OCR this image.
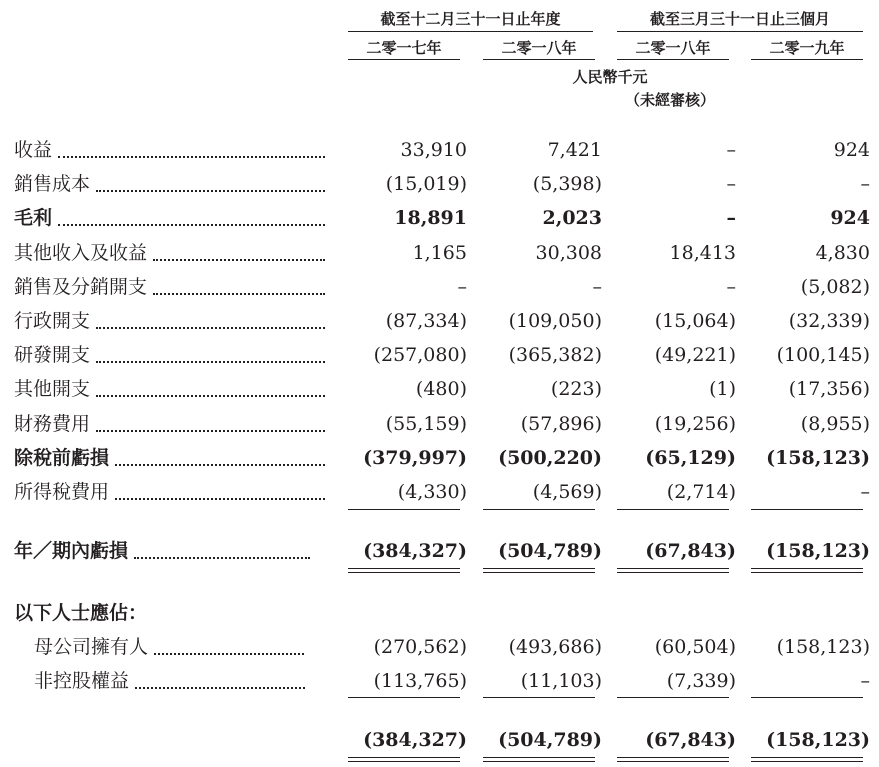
截至十二月三十一日止年度	截至三月三十一日止三個月
二零一七年	二零一八年	二零一八年	二零一九年
人民幣千元
（未經審核）
收益	33,910	7,421	–	924
銷售成本	(15,019)	(5,398)	–	–
毛利	18,891	2,023	–	924
其他收入及收益	1,165	30,308	18,413	4,830
銷售及分銷開支	–	–	–	(5,082)
行政開支	(87,334) (109,050)	(15,064)	(32,339)
研發開支	(257,080) (365,382)	(49,221) (100,145)
其他開支	(480)	(223)	(1)	(17,356)
財務費用	(55,159)	(57,896)	(19,256)	(8,955)
除稅前虧損	(379,997) (500,220) (65,129) (158,123)
所得稅費用	(4,330)	(4,569)	(2,714)	–
年／期內虧損	(384,327) (504,789) (67,843) (158,123)
以下人士應佔：
母公司擁有人	(270,562) (493,686)	(60,504) (158,123)
非控股權益	(113,765)	(11,103)	(7,339)	–
(384,327) (504,789) (67,843) (158,123)
